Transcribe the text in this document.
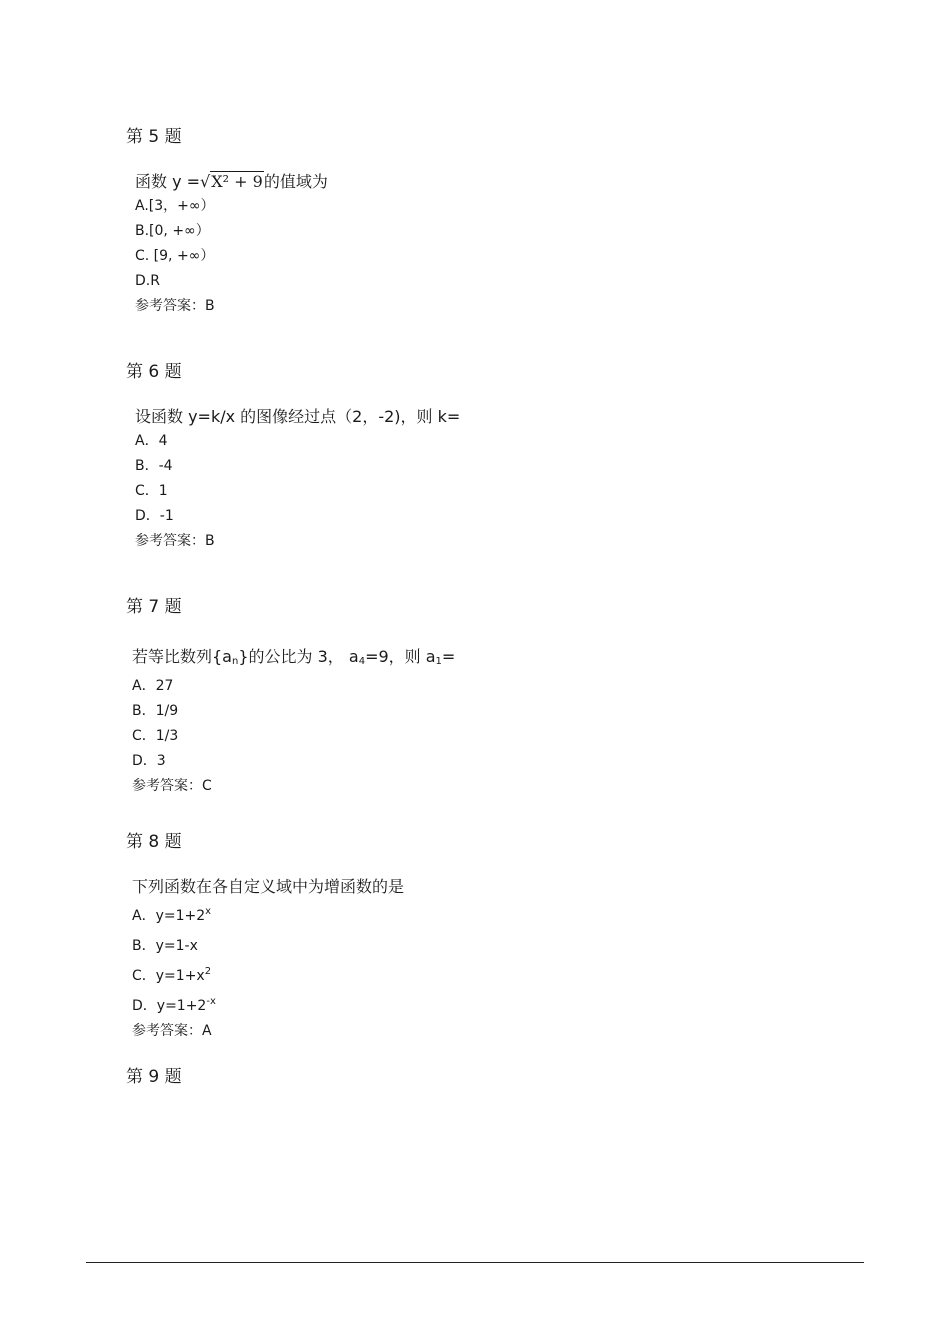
第 5 题
函数 y =√X² + 9的值域为
A.[3，+∞）
B.[0, +∞）
C. [9, +∞）
D.R
参考答案：B
第 6 题
设函数 y=k/x 的图像经过点（2，-2)，则 k=
A．4
B．-4
C．1
D．-1
参考答案：B
第 7 题
若等比数列$\{a_n\}$的公比为 3， $a_4=9$，则 $a_1=$
A．27
B．1/9
C．1/3
D．3
参考答案：C
第 8 题
下列函数在各自定义域中为增函数的是
A．$y=1+2^x$
B．y=1-x
C．$y=1+x^2$
D．$y=1+2^{-x}$
参考答案：A
第 9 题
